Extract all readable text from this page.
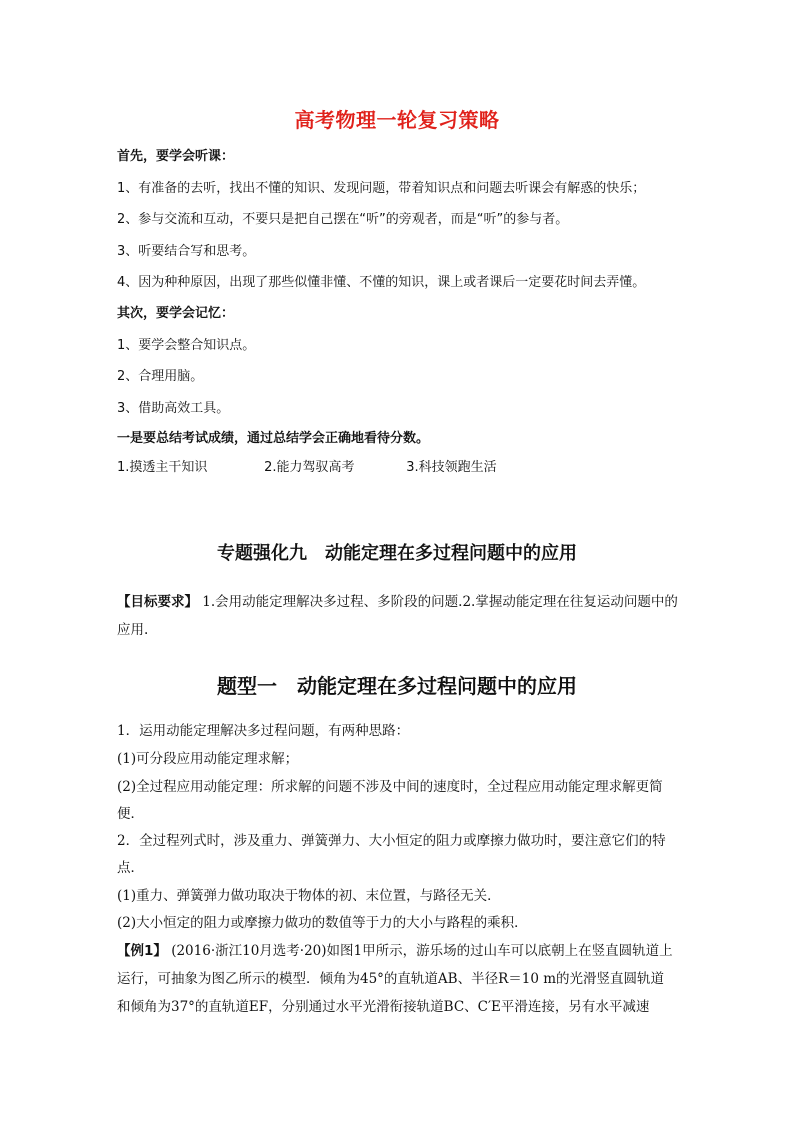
高考物理一轮复习策略
首先，要学会听课：
1、有准备的去听，找出不懂的知识、发现问题，带着知识点和问题去听课会有解惑的快乐；
2、参与交流和互动，不要只是把自己摆在“听”的旁观者，而是“听”的参与者。
3、听要结合写和思考。
4、因为种种原因，出现了那些似懂非懂、不懂的知识，课上或者课后一定要花时间去弄懂。
其次，要学会记忆：
1、要学会整合知识点。
2、合理用脑。
3、借助高效工具。
一是要总结考试成绩，通过总结学会正确地看待分数。
1.摸透主干知识	2.能力驾驭高考	3.科技领跑生活
专题强化九　动能定理在多过程问题中的应用
【目标要求】 1.会用动能定理解决多过程、多阶段的问题.2.掌握动能定理在往复运动问题中的
应用.
题型一　动能定理在多过程问题中的应用
1．运用动能定理解决多过程问题，有两种思路：
(1)可分段应用动能定理求解；
(2)全过程应用动能定理：所求解的问题不涉及中间的速度时，全过程应用动能定理求解更简
便．
2．全过程列式时，涉及重力、弹簧弹力、大小恒定的阻力或摩擦力做功时，要注意它们的特
点．
(1)重力、弹簧弹力做功取决于物体的初、末位置，与路径无关．
(2)大小恒定的阻力或摩擦力做功的数值等于力的大小与路程的乘积．
【例1】 (2016·浙江10月选考·20)如图1甲所示，游乐场的过山车可以底朝上在竖直圆轨道上
运行，可抽象为图乙所示的模型．倾角为45°的直轨道AB、半径R＝10 m的光滑竖直圆轨道
和倾角为37°的直轨道EF，分别通过水平光滑衔接轨道BC、C′E平滑连接，另有水平减速
